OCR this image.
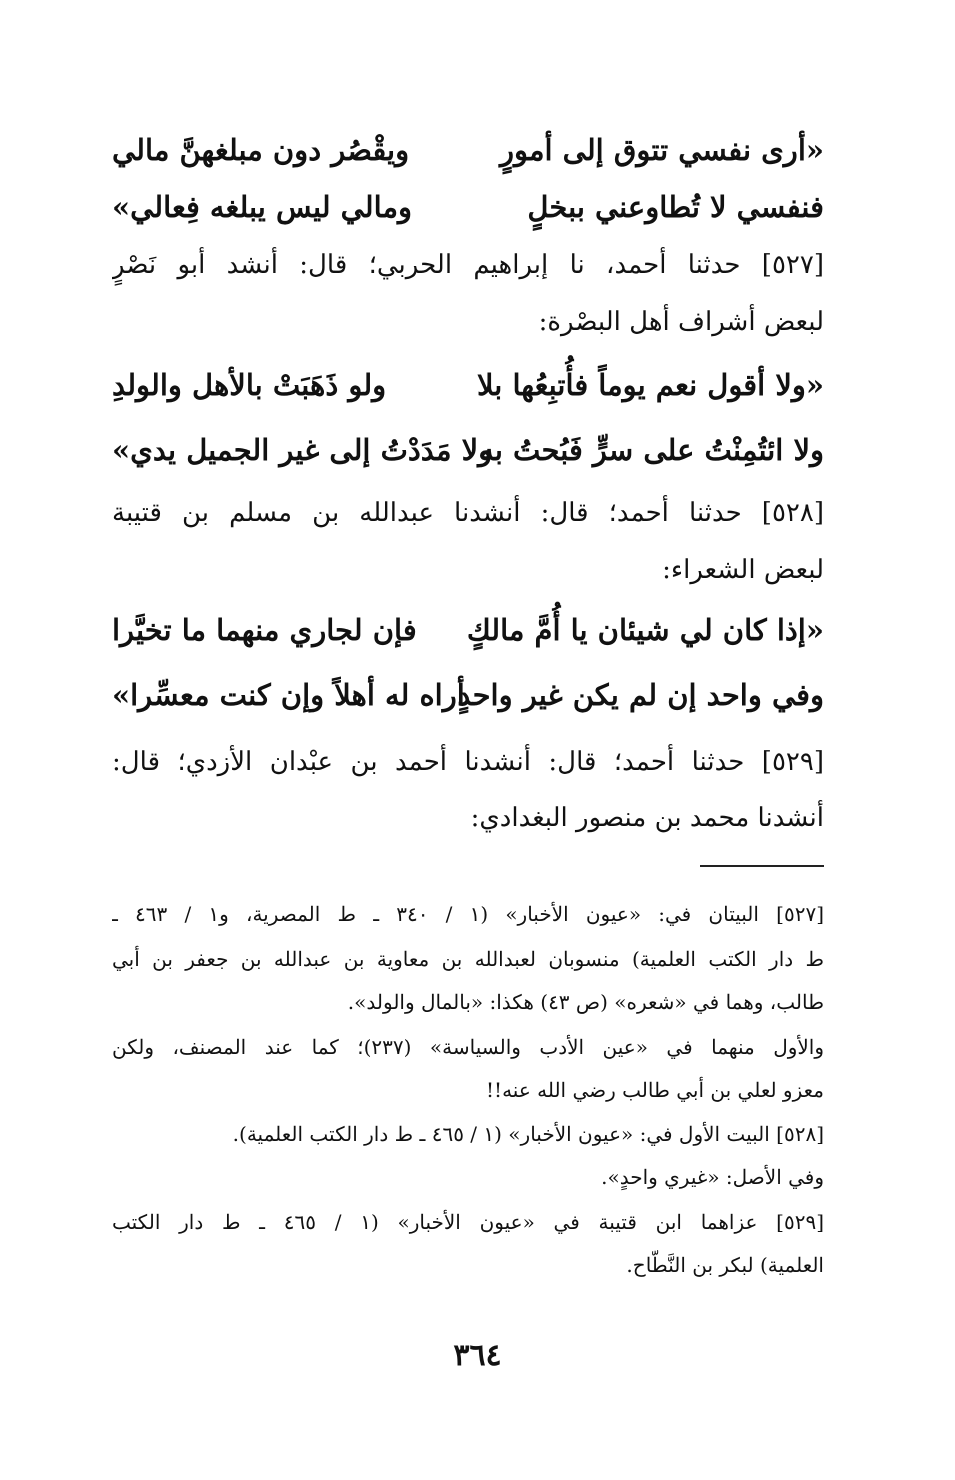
«أرى نفسي تتوق إلى أمورٍ
ويقْصُر دون مبلغهنَّ مالي
فنفسي لا تُطاوعني ببخلٍ
ومالي ليس يبلغه فِعالي»
[٥٢٧] حدثنا أحمد، نا إبراهيم الحربي؛ قال: أنشد أبو نَصْرٍ
لبعض أشراف أهل البصْرة:
«ولا أقول نعم يوماً فأُتبِعُها بلا
ولو ذَهَبَتْ بالأهل والولدِ
ولا ائتُمِنْتُ على سرٍّ فَبُحتُ به
ولا مَدَدْتُ إلى غير الجميل يدي»
[٥٢٨] حدثنا أحمد؛ قال: أنشدنا عبدالله بن مسلم بن قتيبة
لبعض الشعراء:
«إذا كان لي شيئان يا أُمَّ مالكٍ
فإن لجاري منهما ما تخيَّرا
وفي واحد إن لم يكن غير واحدٍ
أراه له أهلاً وإن كنت معسِّرا»
[٥٢٩] حدثنا أحمد؛ قال: أنشدنا أحمد بن عبْدان الأزدي؛ قال:
أنشدنا محمد بن منصور البغدادي:
[٥٢٧] البيتان في: «عيون الأخبار» (١ / ٣٤٠ ـ ط المصرية، و١ / ٤٦٣ ـ
ط دار الكتب العلمية) منسوبان لعبدالله بن معاوية بن عبدالله بن جعفر بن أبي
طالب، وهما في «شعره» (ص ٤٣) هكذا: «بالمال والولد».
والأول منهما في «عين الأدب والسياسة» (٢٣٧)؛ كما عند المصنف، ولكن
معزو لعلي بن أبي طالب رضي الله عنه!!
[٥٢٨] البيت الأول في: «عيون الأخبار» (١ / ٤٦٥ ـ ط دار الكتب العلمية).
وفي الأصل: «غيري واحدٍ».
[٥٢٩] عزاهما ابن قتيبة في «عيون الأخبار» (١ / ٤٦٥ ـ ط دار الكتب
العلمية) لبكر بن النَّطّاح.
٣٦٤
